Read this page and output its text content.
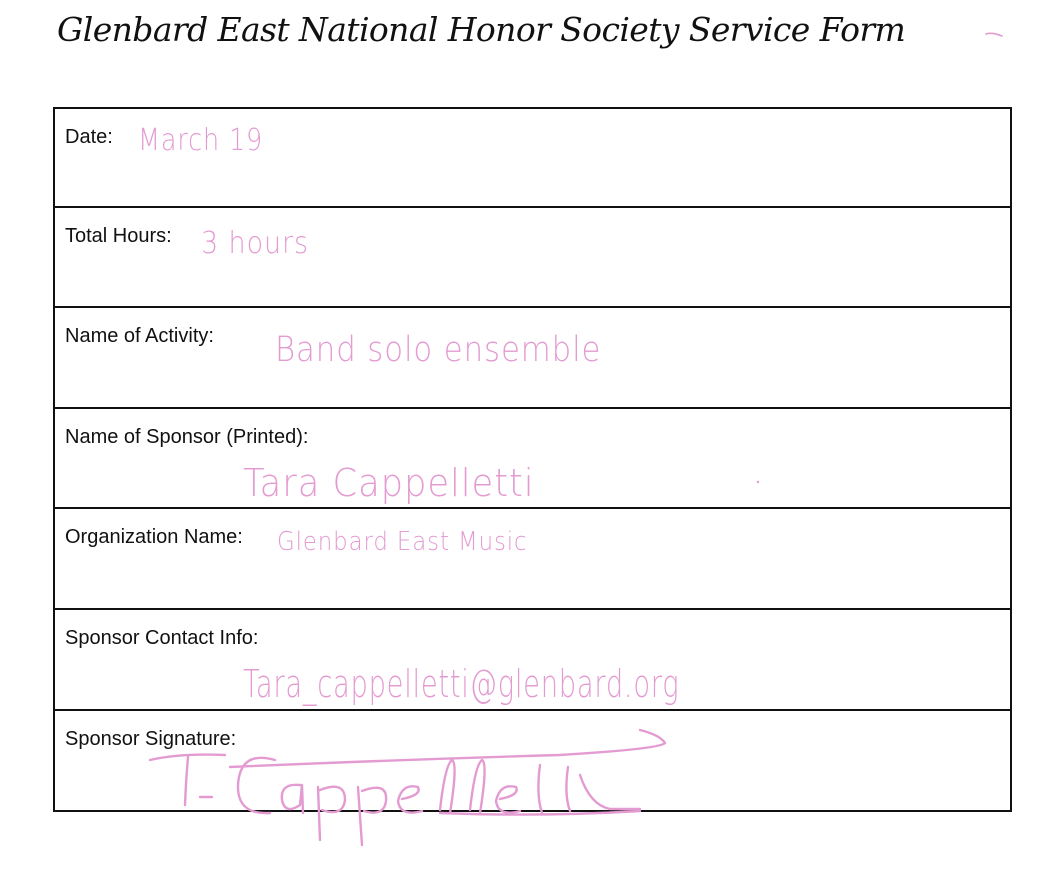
Glenbard East National Honor Society Service Form
Date: March 19
Total Hours: 3 hours
Name of Activity: Band solo ensemble
Name of Sponsor (Printed):
Tara Cappelletti
Organization Name: Glenbard East Music
Sponsor Contact Info:
Tara_cappelletti@glenbard.org
Sponsor Signature:
